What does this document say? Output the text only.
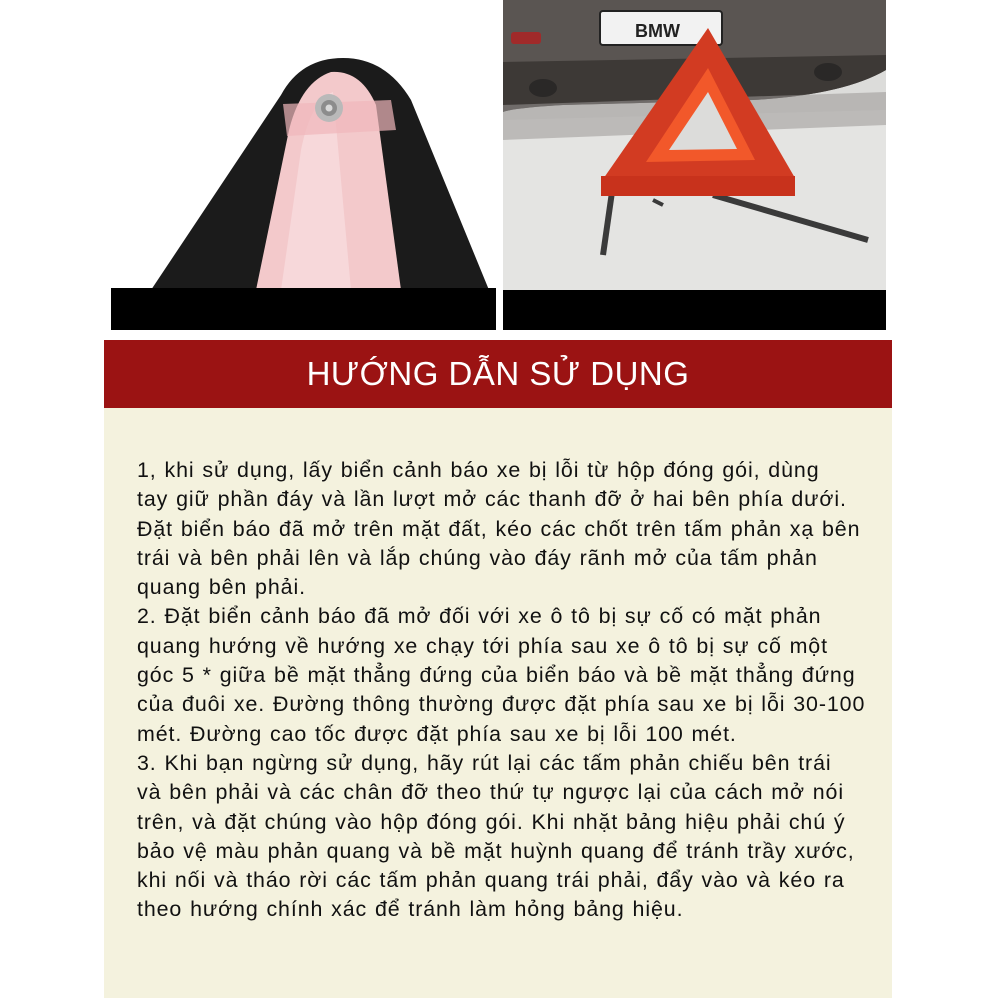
BMW
HƯỚNG DẪN SỬ DỤNG
1, khi sử dụng, lấy biển cảnh báo xe bị lỗi từ hộp đóng gói, dùng
tay giữ phần đáy và lần lượt mở các thanh đỡ ở hai bên phía dưới.
Đặt biển báo đã mở trên mặt đất, kéo các chốt trên tấm phản xạ bên
trái và bên phải lên và lắp chúng vào đáy rãnh mở của tấm phản
quang bên phải.
2. Đặt biển cảnh báo đã mở đối với xe ô tô bị sự cố có mặt phản
quang hướng về hướng xe chạy tới phía sau xe ô tô bị sự cố một
góc 5 * giữa bề mặt thẳng đứng của biển báo và bề mặt thẳng đứng
của đuôi xe. Đường thông thường được đặt phía sau xe bị lỗi 30-100
mét. Đường cao tốc được đặt phía sau xe bị lỗi 100 mét.
3. Khi bạn ngừng sử dụng, hãy rút lại các tấm phản chiếu bên trái
và bên phải và các chân đỡ theo thứ tự ngược lại của cách mở nói
trên, và đặt chúng vào hộp đóng gói. Khi nhặt bảng hiệu phải chú ý
bảo vệ màu phản quang và bề mặt huỳnh quang để tránh trầy xước,
khi nối và tháo rời các tấm phản quang trái phải, đẩy vào và kéo ra
theo hướng chính xác để tránh làm hỏng bảng hiệu.
